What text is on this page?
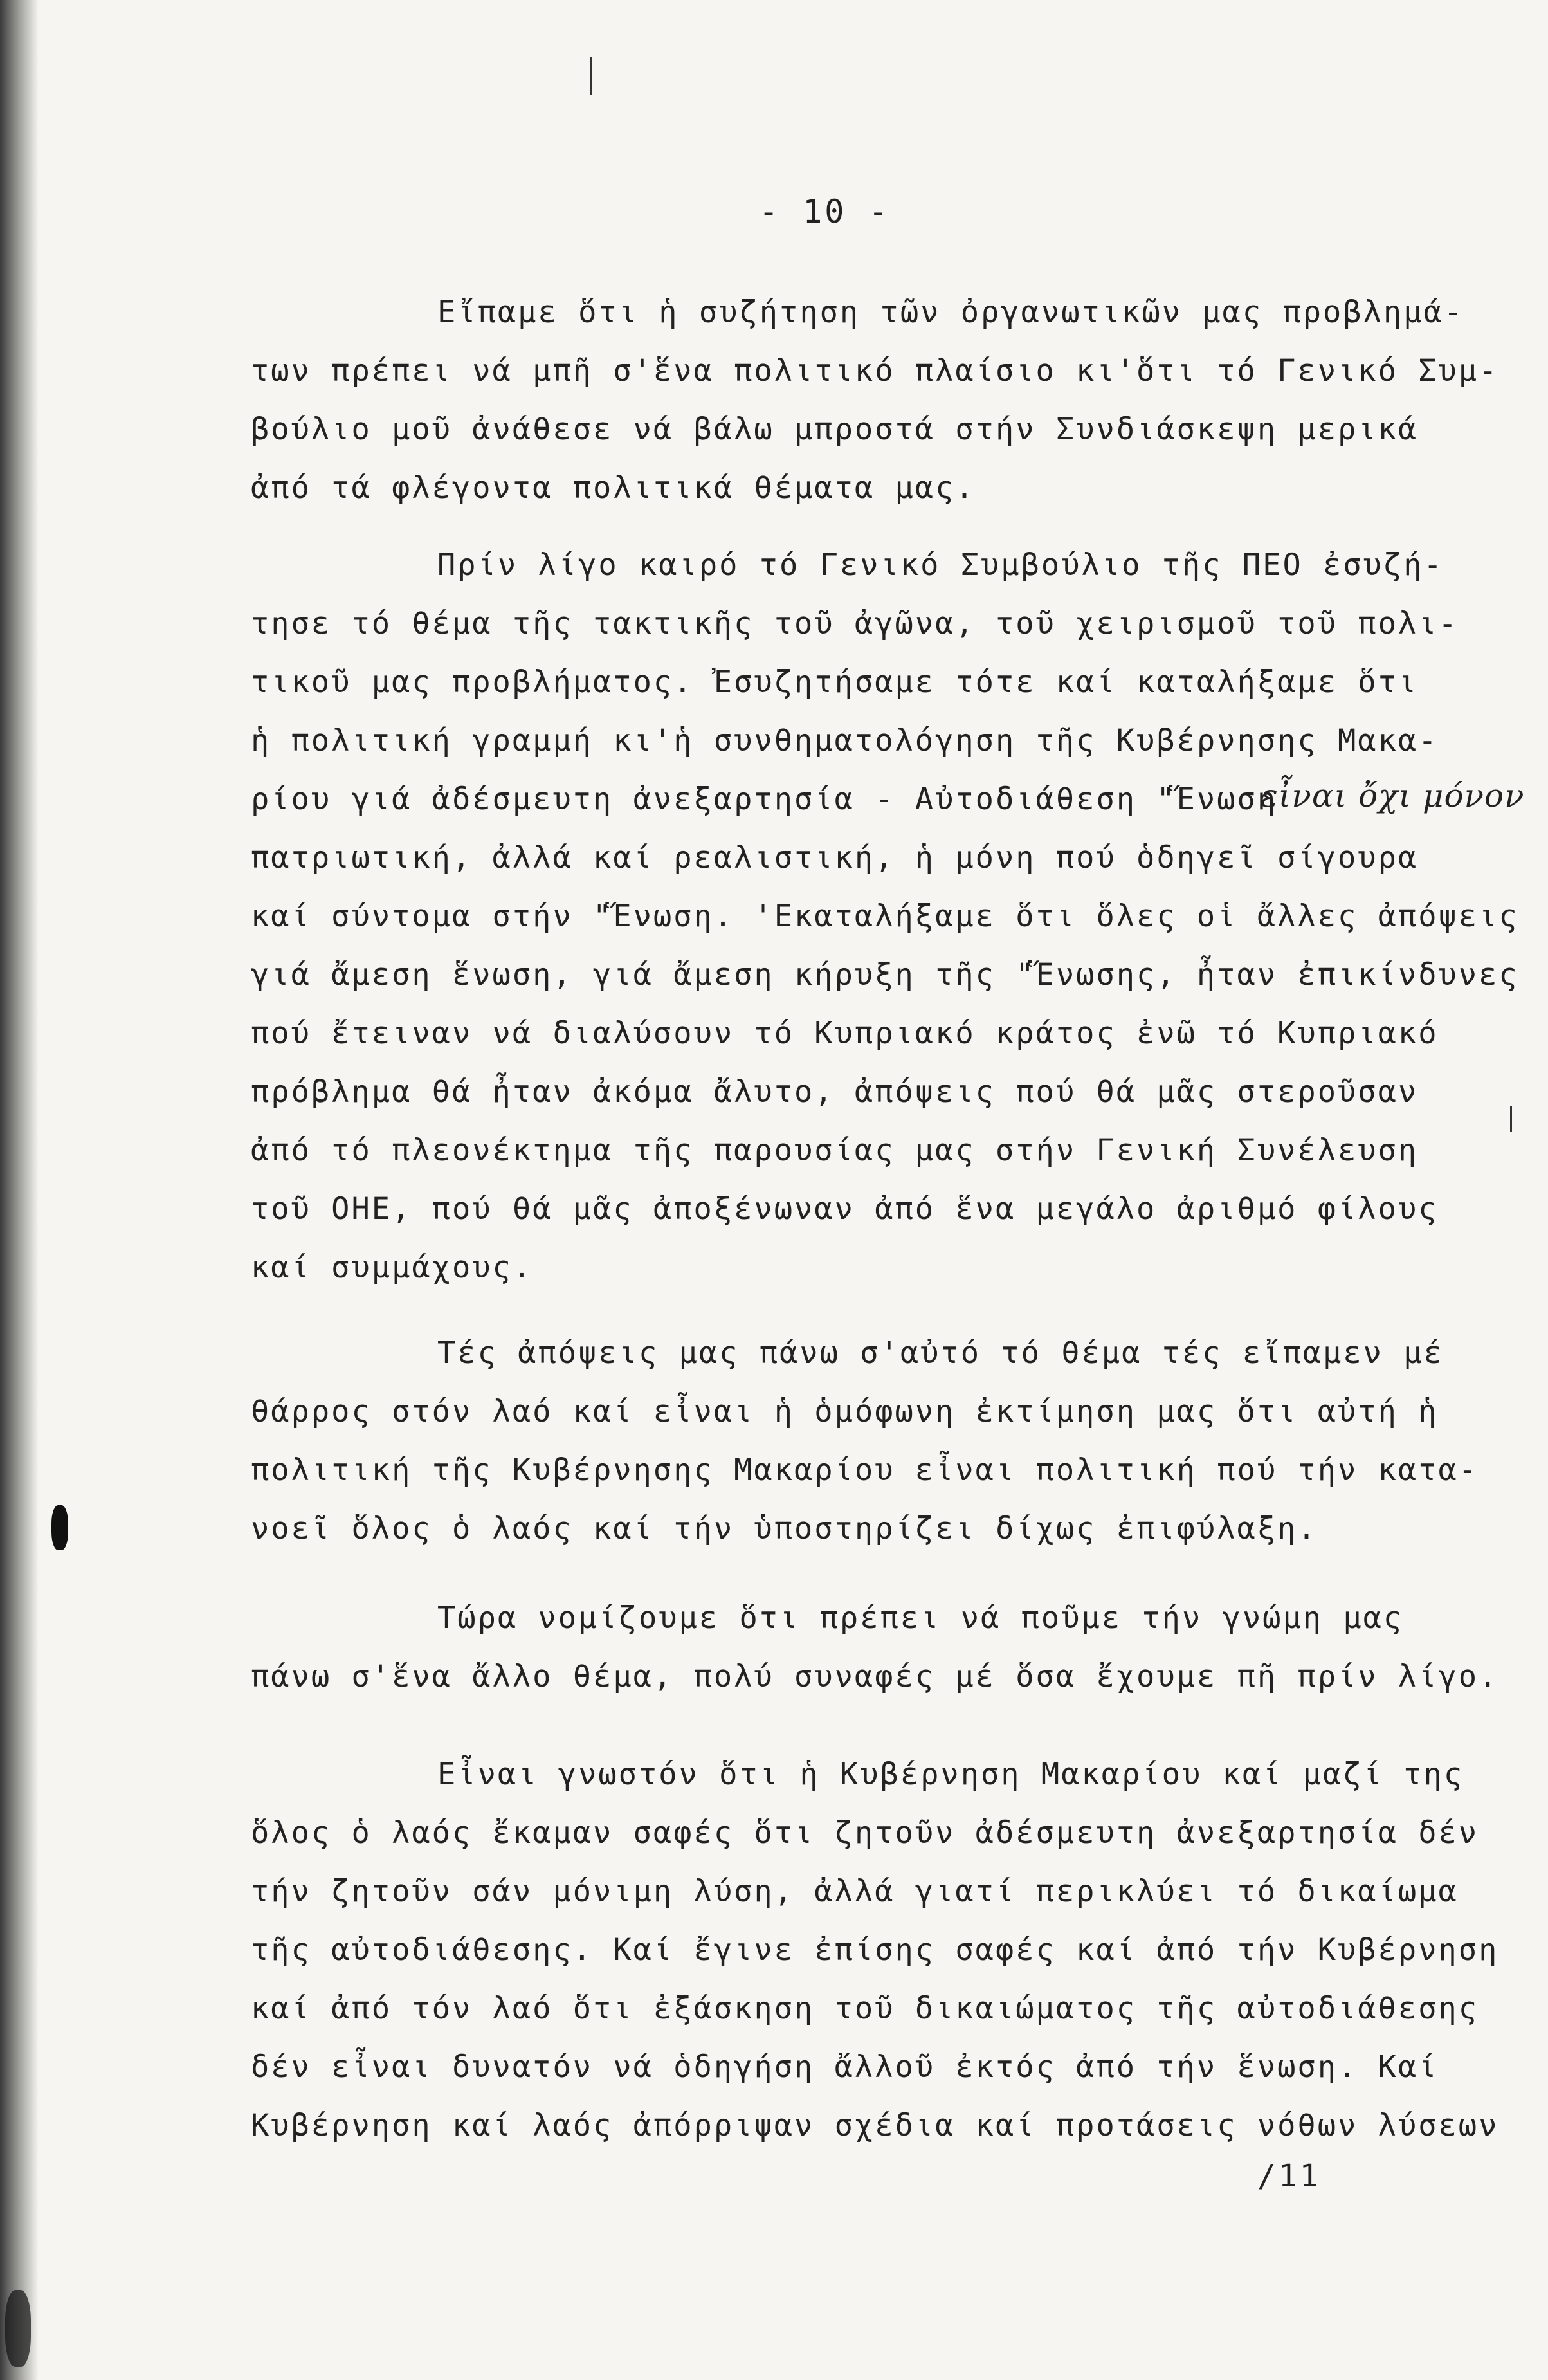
- 10 -
Εἴπαμε ὅτι ἡ συζήτηση τῶν ὀργανωτικῶν μας προβλημά-
των πρέπει νά μπῆ σ'ἕνα πολιτικό πλαίσιο κι'ὅτι τό Γενικό Συμ-
βούλιο μοῦ ἀνάθεσε νά βάλω μπροστά στήν Συνδιάσκεψη μερικά
ἀπό τά φλέγοντα πολιτικά θέματα μας.
Πρίν λίγο καιρό τό Γενικό Συμβούλιο τῆς ΠΕΟ ἐσυζή-
τησε τό θέμα τῆς τακτικῆς τοῦ ἀγῶνα, τοῦ χειρισμοῦ τοῦ πολι-
τικοῦ μας προβλήματος. Ἐσυζητήσαμε τότε καί καταλήξαμε ὅτι
ἡ πολιτική γραμμή κι'ἡ συνθηματολόγηση τῆς Κυβέρνησης Μακα-
ρίου γιά ἀδέσμευτη ἀνεξαρτησία - Αὐτοδιάθεση "Ἕνωση
πατριωτική, ἀλλά καί ρεαλιστική, ἡ μόνη πού ὁδηγεῖ σίγουρα
καί σύντομα στήν "Ἕνωση. 'Εκαταλήξαμε ὅτι ὅλες οἱ ἄλλες ἀπόψεις
γιά ἄμεση ἕνωση, γιά ἄμεση κήρυξη τῆς "Ἕνωσης, ἦταν ἐπικίνδυνες
πού ἔτειναν νά διαλύσουν τό Κυπριακό κράτος ἐνῶ τό Κυπριακό
πρόβλημα θά ἦταν ἀκόμα ἄλυτο, ἀπόψεις πού θά μᾶς στεροῦσαν
ἀπό τό πλεονέκτημα τῆς παρουσίας μας στήν Γενική Συνέλευση
τοῦ ΟΗΕ, πού θά μᾶς ἀποξένωναν ἀπό ἕνα μεγάλο ἀριθμό φίλους
καί συμμάχους.
Τές ἀπόψεις μας πάνω σ'αὐτό τό θέμα τές εἴπαμεν μέ
θάρρος στόν λαό καί εἶναι ἡ ὁμόφωνη ἐκτίμηση μας ὅτι αὐτή ἡ
πολιτική τῆς Κυβέρνησης Μακαρίου εἶναι πολιτική πού τήν κατα-
νοεῖ ὅλος ὁ λαός καί τήν ὑποστηρίζει δίχως ἐπιφύλαξη.
Τώρα νομίζουμε ὅτι πρέπει νά ποῦμε τήν γνώμη μας
πάνω σ'ἕνα ἄλλο θέμα, πολύ συναφές μέ ὅσα ἔχουμε πῆ πρίν λίγο.
Εἶναι γνωστόν ὅτι ἡ Κυβέρνηση Μακαρίου καί μαζί της
ὅλος ὁ λαός ἔκαμαν σαφές ὅτι ζητοῦν ἀδέσμευτη ἀνεξαρτησία δέν
τήν ζητοῦν σάν μόνιμη λύση, ἀλλά γιατί περικλύει τό δικαίωμα
τῆς αὐτοδιάθεσης. Καί ἔγινε ἐπίσης σαφές καί ἀπό τήν Κυβέρνηση
καί ἀπό τόν λαό ὅτι ἐξάσκηση τοῦ δικαιώματος τῆς αὐτοδιάθεσης
δέν εἶναι δυνατόν νά ὁδηγήση ἄλλοῦ ἐκτός ἀπό τήν ἕνωση. Καί
Κυβέρνηση καί λαός ἀπόρριψαν σχέδια καί προτάσεις νόθων λύσεων
εἶναι ὄχι μόνον
/11
